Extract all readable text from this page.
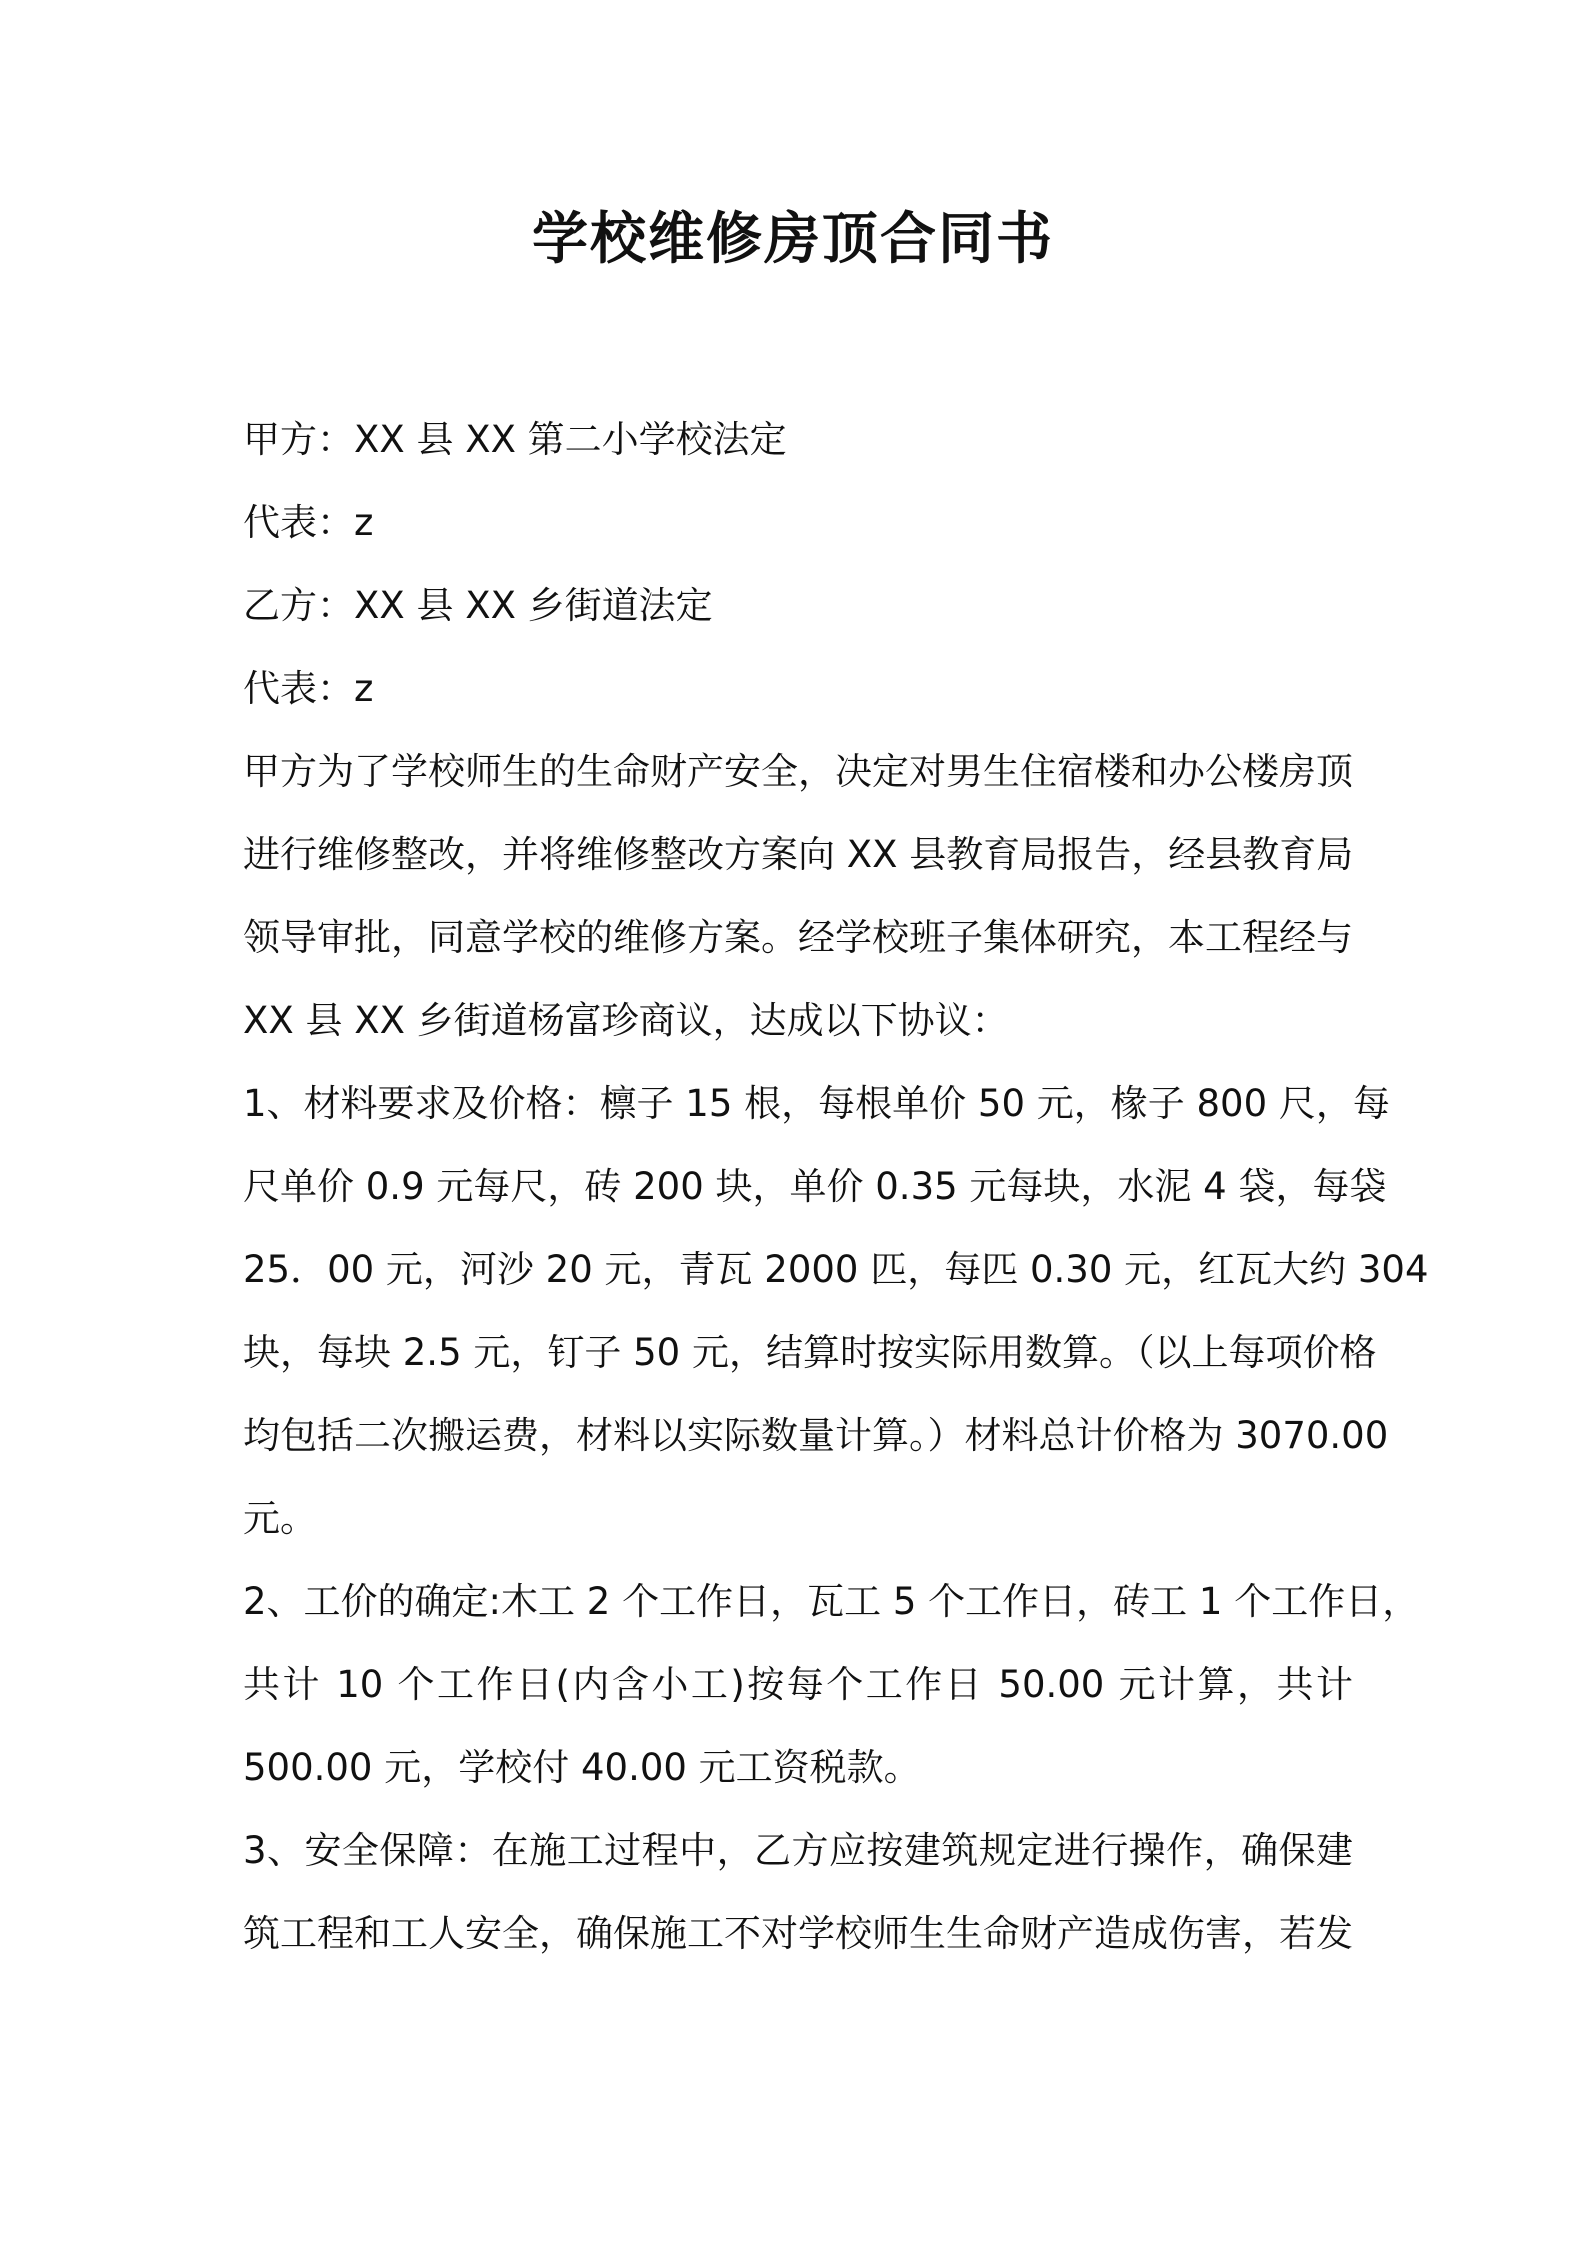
学校维修房顶合同书
甲方：XX 县 XX 第二小学校法定
代表：z
乙方：XX 县 XX 乡街道法定
代表：z
甲方为了学校师生的生命财产安全，决定对男生住宿楼和办公楼房顶
进行维修整改，并将维修整改方案向 XX 县教育局报告，经县教育局
领导审批，同意学校的维修方案。经学校班子集体研究，本工程经与
XX 县 XX 乡街道杨富珍商议，达成以下协议：
1、材料要求及价格：檩子 15 根，每根单价 50 元，椽子 800 尺，每
尺单价 0.9 元每尺，砖 200 块，单价 0.35 元每块，水泥 4 袋，每袋
25．00 元，河沙 20 元，青瓦 2000 匹，每匹 0.30 元，红瓦大约 304
块，每块 2.5 元，钉子 50 元，结算时按实际用数算。（以上每项价格
均包括二次搬运费，材料以实际数量计算。）材料总计价格为 3070.00
元。
2、工价的确定:木工 2 个工作日，瓦工 5 个工作日，砖工 1 个工作日，
共计 10 个工作日(内含小工)按每个工作日 50.00 元计算，共计
500.00 元，学校付 40.00 元工资税款。
3、安全保障：在施工过程中，乙方应按建筑规定进行操作，确保建
筑工程和工人安全，确保施工不对学校师生生命财产造成伤害，若发
